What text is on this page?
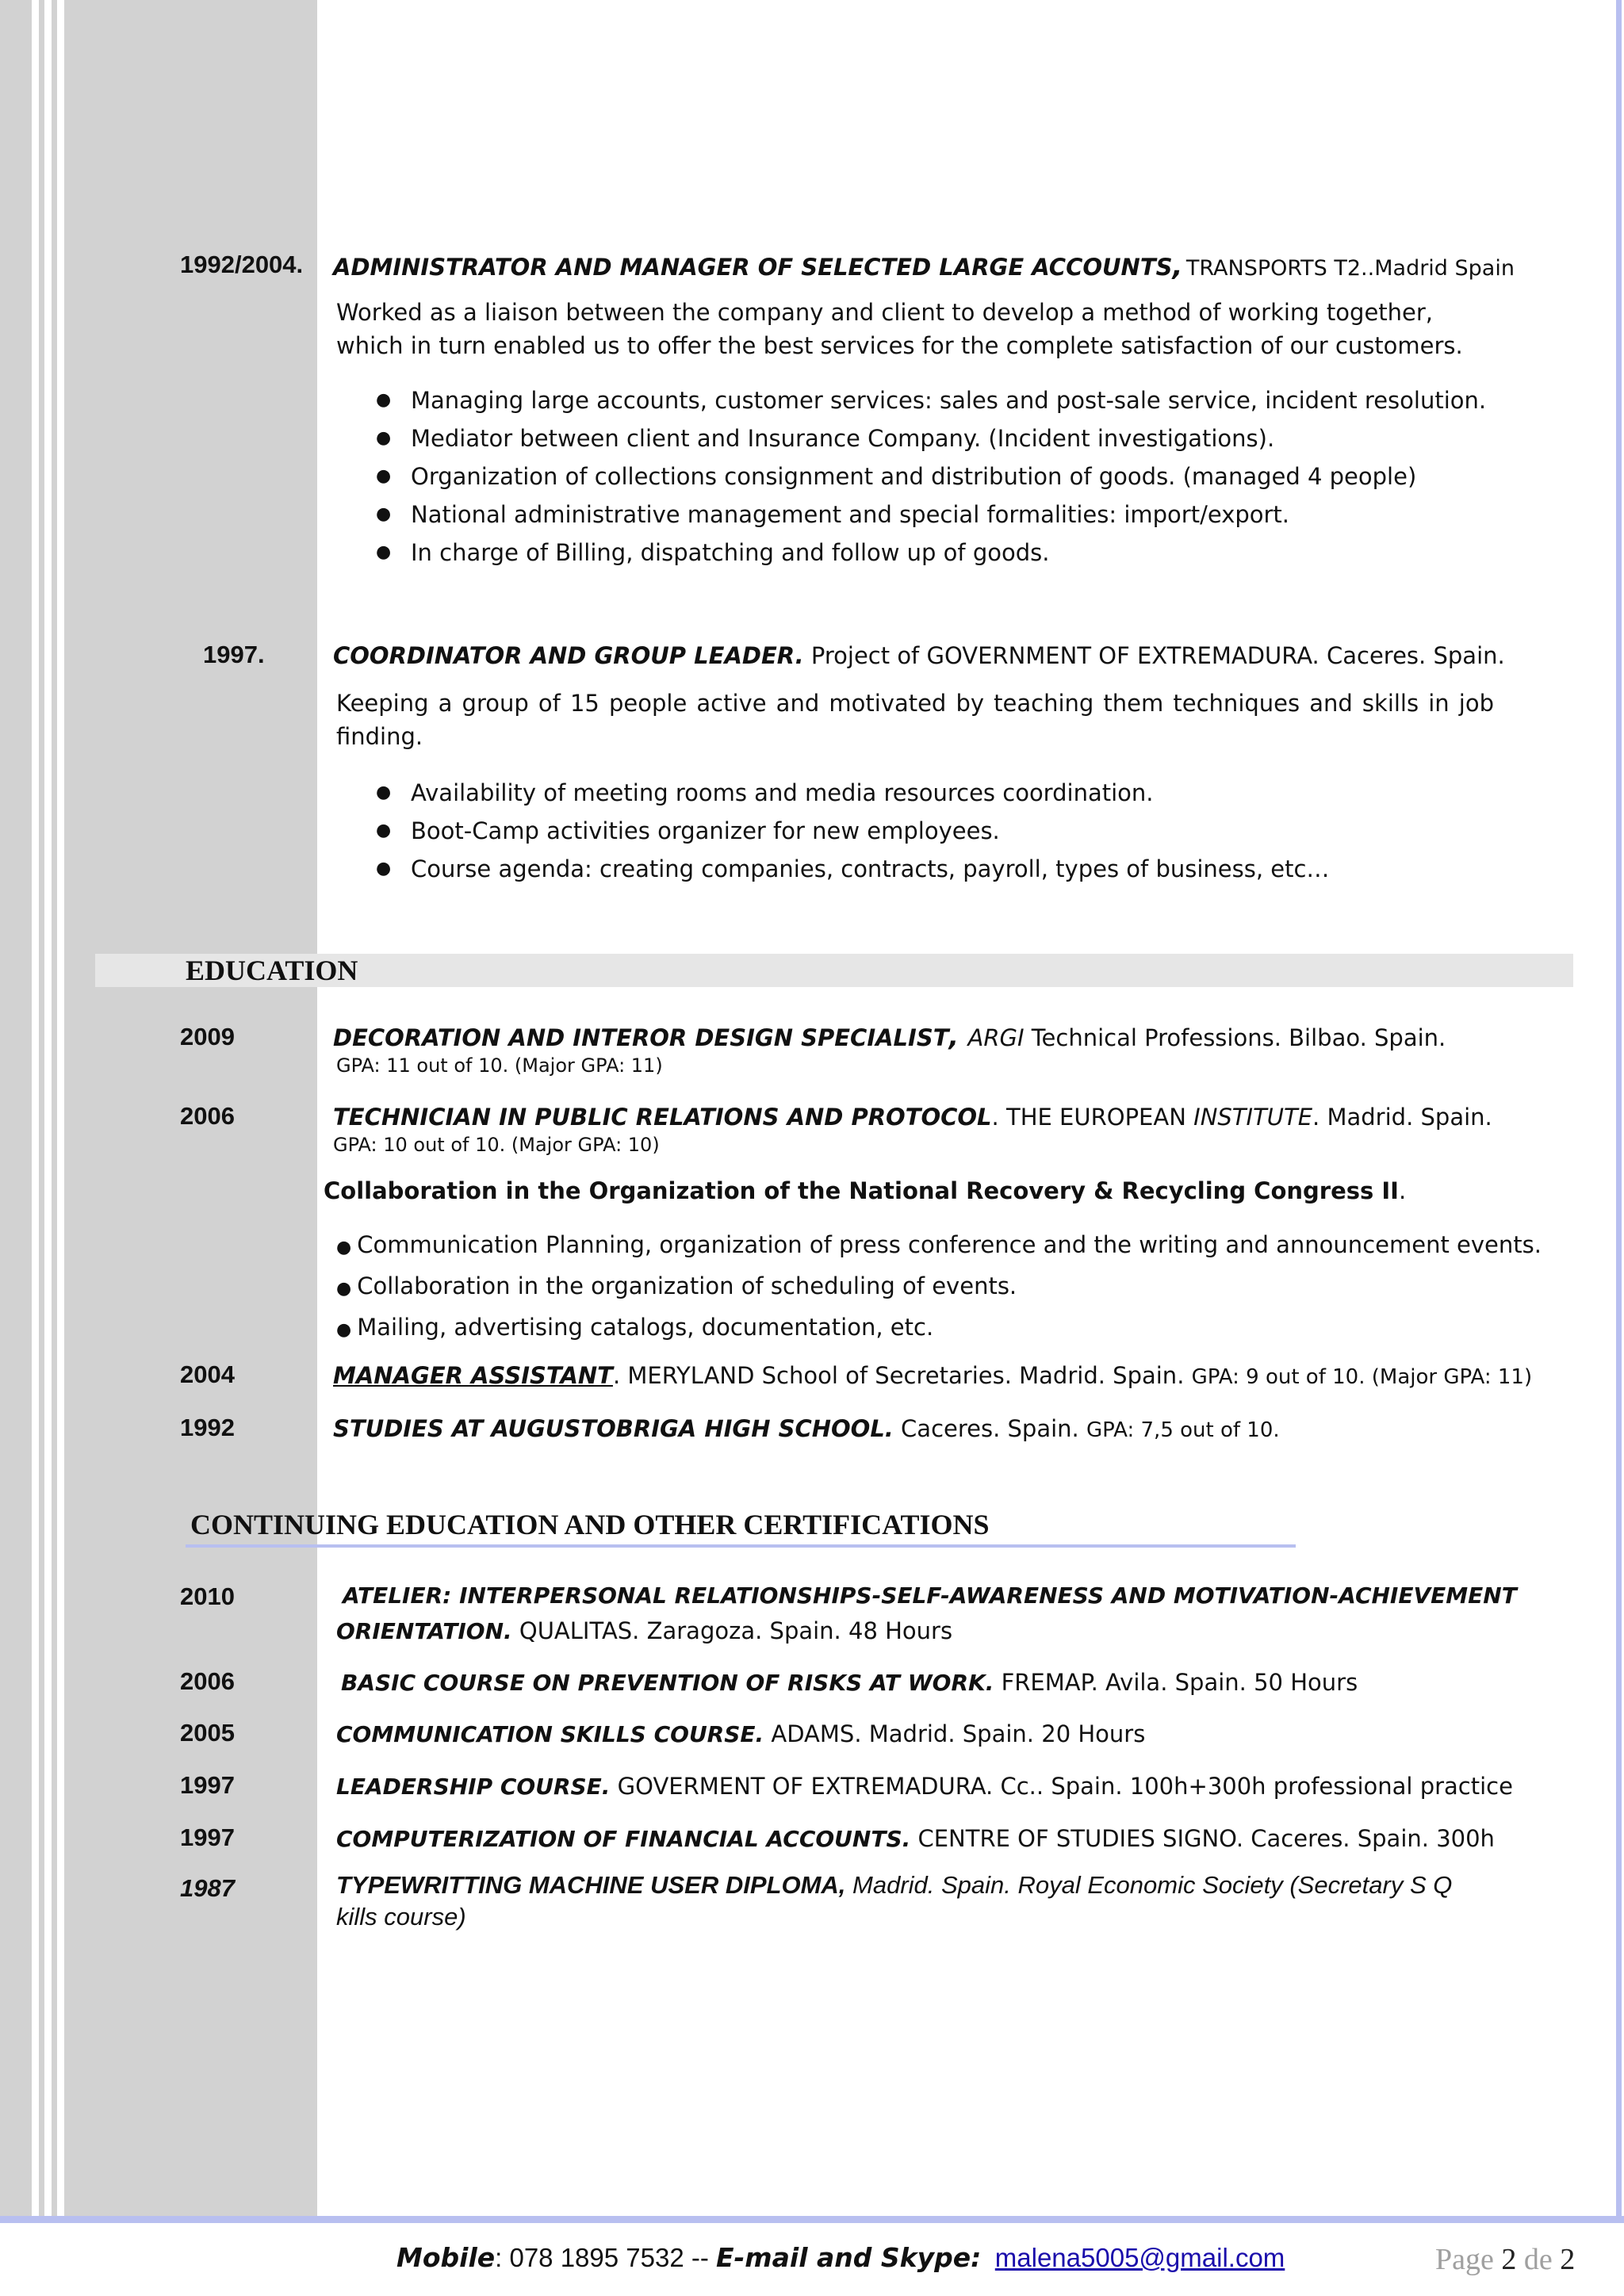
1992/2004. ADMINISTRATOR AND MANAGER OF SELECTED LARGE ACCOUNTS, TRANSPORTS T2..Madrid Spain
Worked as a liaison between the company and client to develop a method of working together, which in turn enabled us to offer the best services for the complete satisfaction of our customers.
● Managing large accounts, customer services: sales and post-sale service, incident resolution.
● Mediator between client and Insurance Company. (Incident investigations).
● Organization of collections consignment and distribution of goods. (managed 4 people)
● National administrative management and special formalities: import/export.
● In charge of Billing, dispatching and follow up of goods.
1997.	COORDINATOR AND GROUP LEADER. Project of GOVERNMENT OF EXTREMADURA. Caceres. Spain.
Keeping a group of 15 people active and motivated by teaching them techniques and skills in job finding.
● Availability of meeting rooms and media resources coordination.
● Boot-Camp activities organizer for new employees.
● Course agenda: creating companies, contracts, payroll, types of business, etc…
EDUCATION
2009	DECORATION AND INTEROR DESIGN SPECIALIST, ARGI Technical Professions. Bilbao. Spain.
GPA: 11 out of 10. (Major GPA: 11)
2006	TECHNICIAN IN PUBLIC RELATIONS AND PROTOCOL. THE EUROPEAN INSTITUTE. Madrid. Spain.
GPA: 10 out of 10. (Major GPA: 10)
Collaboration in the Organization of the National Recovery & Recycling Congress II.
● Communication Planning, organization of press conference and the writing and announcement events.
● Collaboration in the organization of scheduling of events.
● Mailing, advertising catalogs, documentation, etc.
2004	MANAGER ASSISTANT. MERYLAND School of Secretaries. Madrid. Spain. GPA: 9 out of 10. (Major GPA: 11)
1992	STUDIES AT AUGUSTOBRIGA HIGH SCHOOL. Caceres. Spain. GPA: 7,5 out of 10.
CONTINUING EDUCATION AND OTHER CERTIFICATIONS
2010	ATELIER: INTERPERSONAL RELATIONSHIPS-SELF-AWARENESS AND MOTIVATION-ACHIEVEMENT
ORIENTATION. QUALITAS. Zaragoza. Spain. 48 Hours
2006	BASIC COURSE ON PREVENTION OF RISKS AT WORK. FREMAP. Avila. Spain. 50 Hours
2005	COMMUNICATION SKILLS COURSE. ADAMS. Madrid. Spain. 20 Hours
1997	LEADERSHIP COURSE. GOVERMENT OF EXTREMADURA. Cc.. Spain. 100h+300h professional practice
1997	COMPUTERIZATION OF FINANCIAL ACCOUNTS. CENTRE OF STUDIES SIGNO. Caceres. Spain. 300h
1987	TYPEWRITTING MACHINE USER DIPLOMA, Madrid. Spain. Royal Economic Society (Secretary S Q
kills course)
Mobile: 078 1895 7532 -- E-mail and Skype: malena5005@gmail.com	Page 2 de 2
